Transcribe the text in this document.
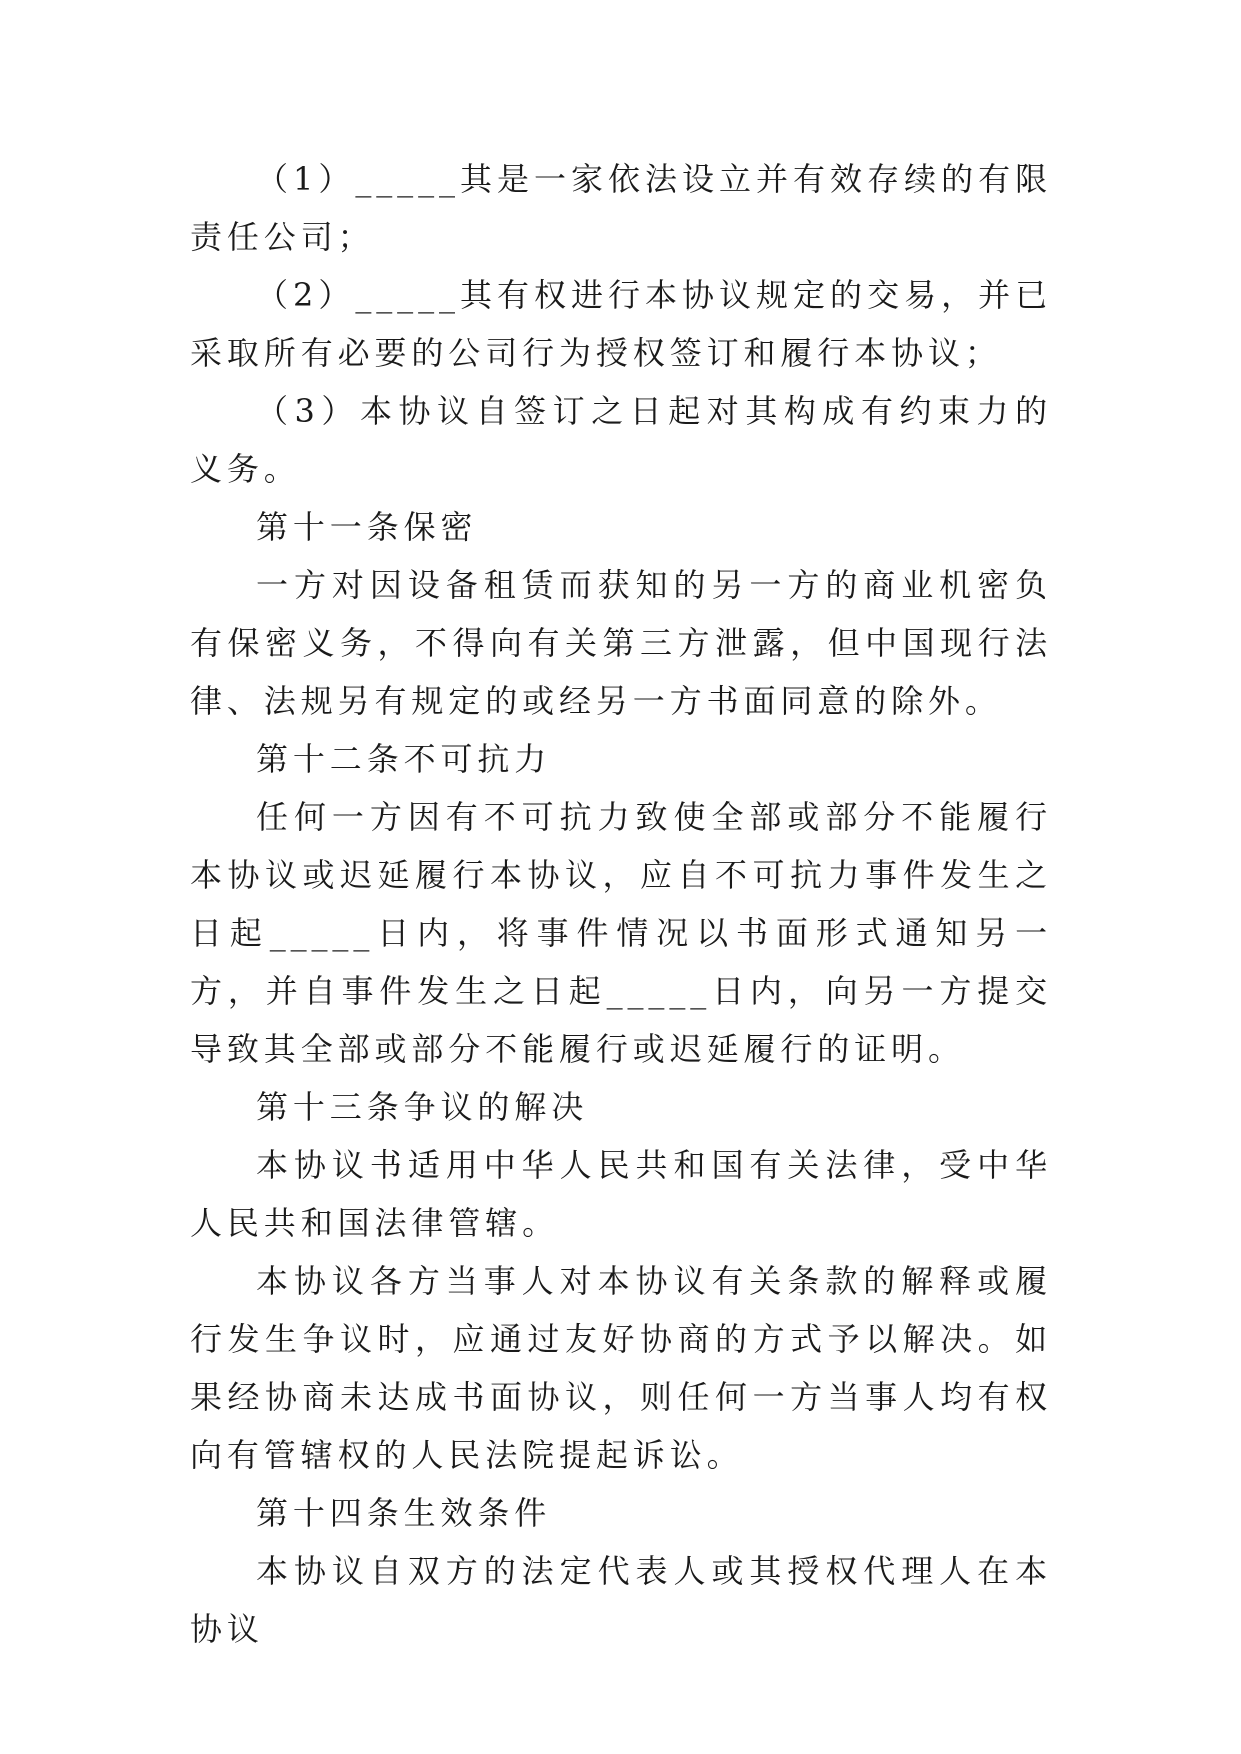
（1）_____其是一家依法设立并有效存续的有限责任公司；

（2）_____其有权进行本协议规定的交易，并已采取所有必要的公司行为授权签订和履行本协议；

（3）本协议自签订之日起对其构成有约束力的义务。

第十一条保密

一方对因设备租赁而获知的另一方的商业机密负有保密义务，不得向有关第三方泄露，但中国现行法律、法规另有规定的或经另一方书面同意的除外。

第十二条不可抗力

任何一方因有不可抗力致使全部或部分不能履行本协议或迟延履行本协议，应自不可抗力事件发生之日起_____日内，将事件情况以书面形式通知另一方，并自事件发生之日起_____日内，向另一方提交导致其全部或部分不能履行或迟延履行的证明。

第十三条争议的解决

本协议书适用中华人民共和国有关法律，受中华人民共和国法律管辖。

本协议各方当事人对本协议有关条款的解释或履行发生争议时，应通过友好协商的方式予以解决。如果经协商未达成书面协议，则任何一方当事人均有权向有管辖权的人民法院提起诉讼。

第十四条生效条件

本协议自双方的法定代表人或其授权代理人在本协议
